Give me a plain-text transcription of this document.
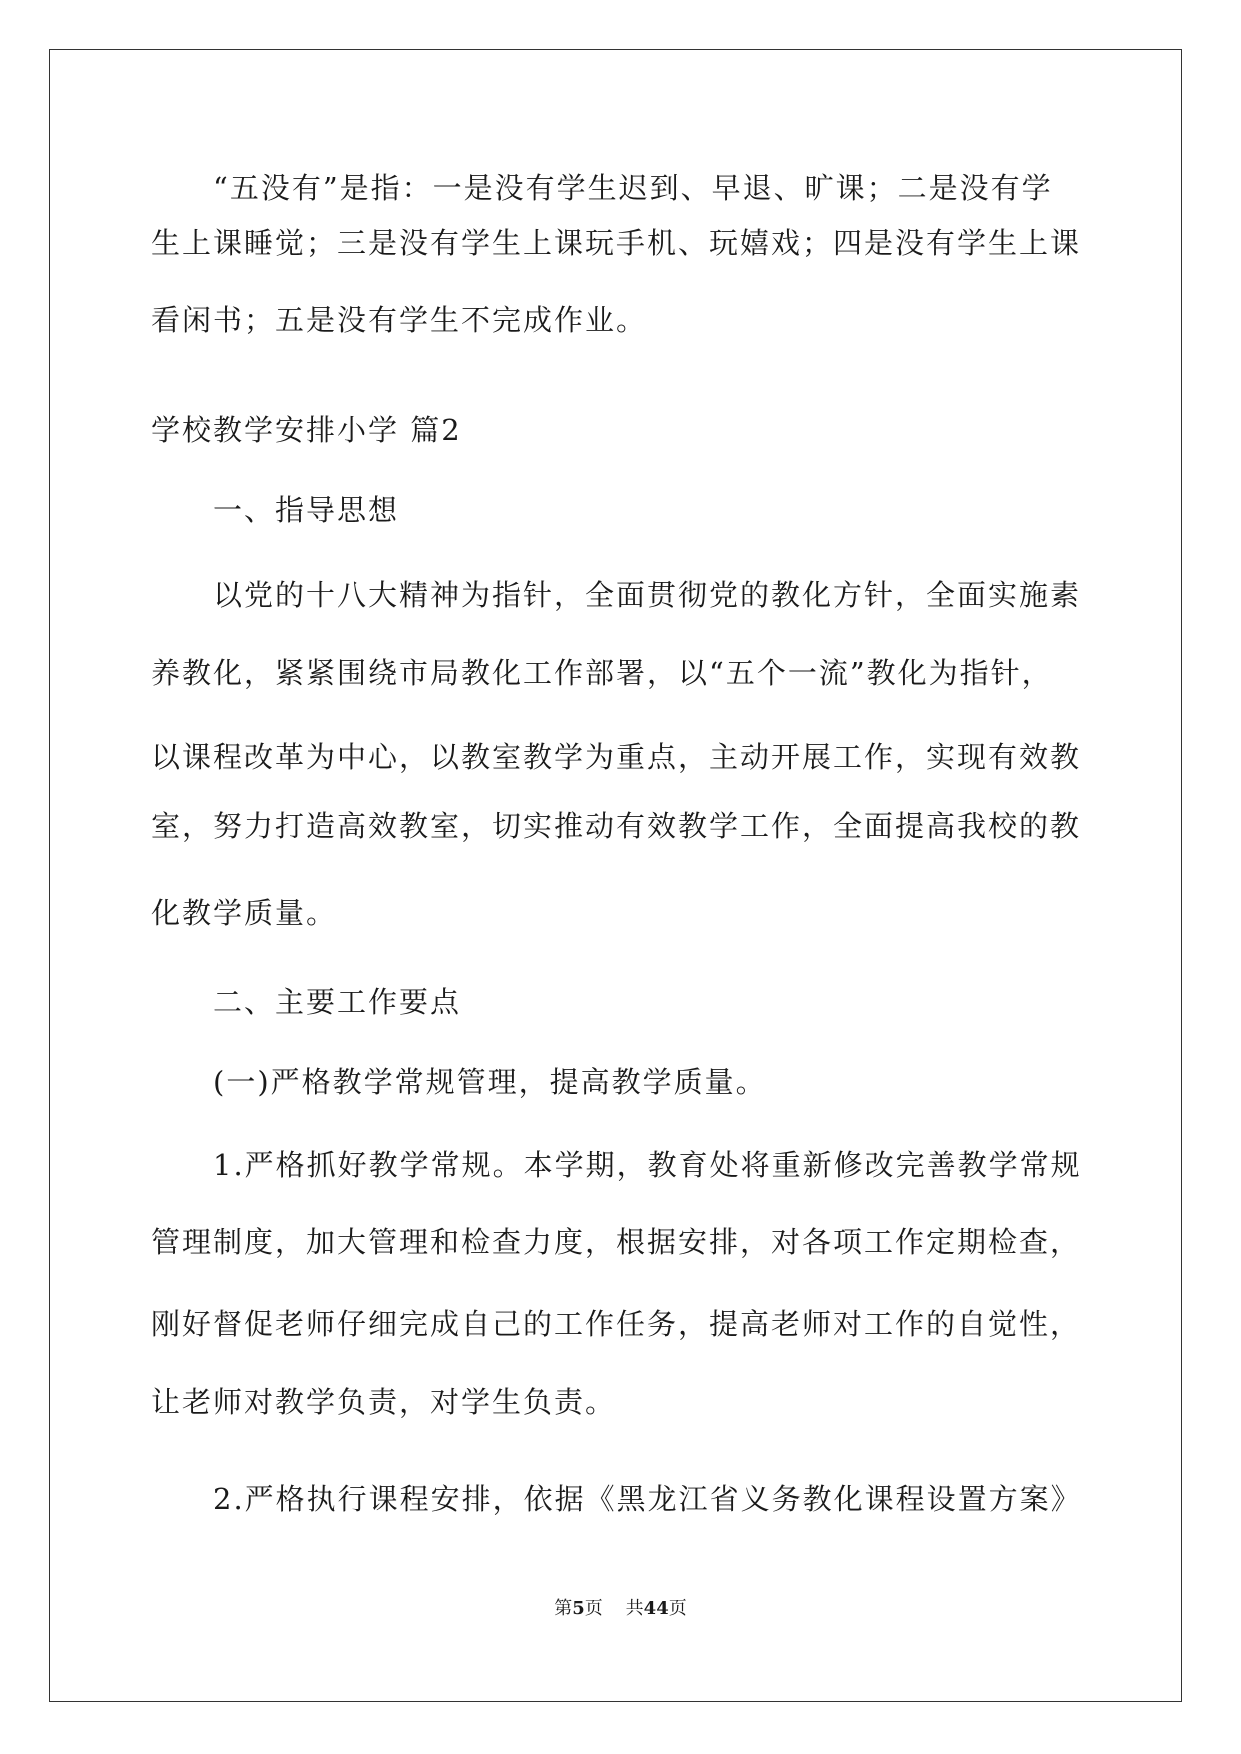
　　“五没有”是指：一是没有学生迟到、早退、旷课；二是没有学
生上课睡觉；三是没有学生上课玩手机、玩嬉戏；四是没有学生上课
看闲书；五是没有学生不完成作业。
学校教学安排小学 篇2
　　一、指导思想
　　以党的十八大精神为指针，全面贯彻党的教化方针，全面实施素
养教化，紧紧围绕市局教化工作部署，以“五个一流”教化为指针，
以课程改革为中心，以教室教学为重点，主动开展工作，实现有效教
室，努力打造高效教室，切实推动有效教学工作，全面提高我校的教
化教学质量。
　　二、主要工作要点
　　(一)严格教学常规管理，提高教学质量。
　　1.严格抓好教学常规。本学期，教育处将重新修改完善教学常规
管理制度，加大管理和检查力度，根据安排，对各项工作定期检查，
刚好督促老师仔细完成自己的工作任务，提高老师对工作的自觉性，
让老师对教学负责，对学生负责。
　　2.严格执行课程安排，依据《黑龙江省义务教化课程设置方案》
第5页 共44页
